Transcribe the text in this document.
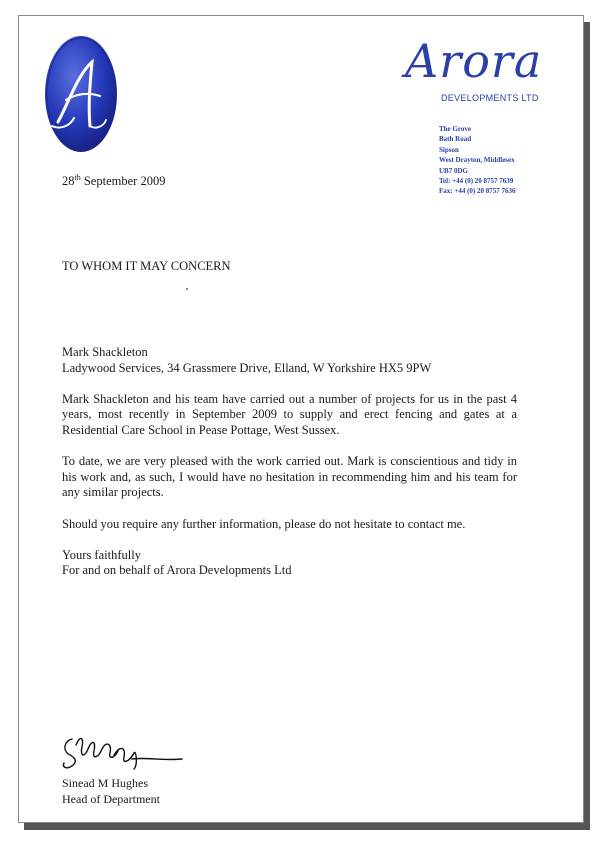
Arora
DEVELOPMENTS LTD
The Grove
Bath Road
Sipson
West Drayton, Middlesex
UB7 0DG
Tel: +44 (0) 20 8757 7639
Fax: +44 (0) 20 8757 7636
28th September 2009
TO WHOM IT MAY CONCERN
Mark Shackleton

Ladywood Services, 34 Grassmere Drive, Elland, W Yorkshire HX5 9PW

Mark Shackleton and his team have carried out a number of projects for us in the past 4 years, most recently in September 2009 to supply and erect fencing and gates at a Residential Care School in Pease Pottage, West Sussex.

To date, we are very pleased with the work carried out. Mark is conscientious and tidy in his work and, as such, I would have no hesitation in recommending him and his team for any similar projects.

Should you require any further information, please do not hesitate to contact me.

Yours faithfully
For and on behalf of Arora Developments Ltd
Sinead M Hughes
Head of Department
